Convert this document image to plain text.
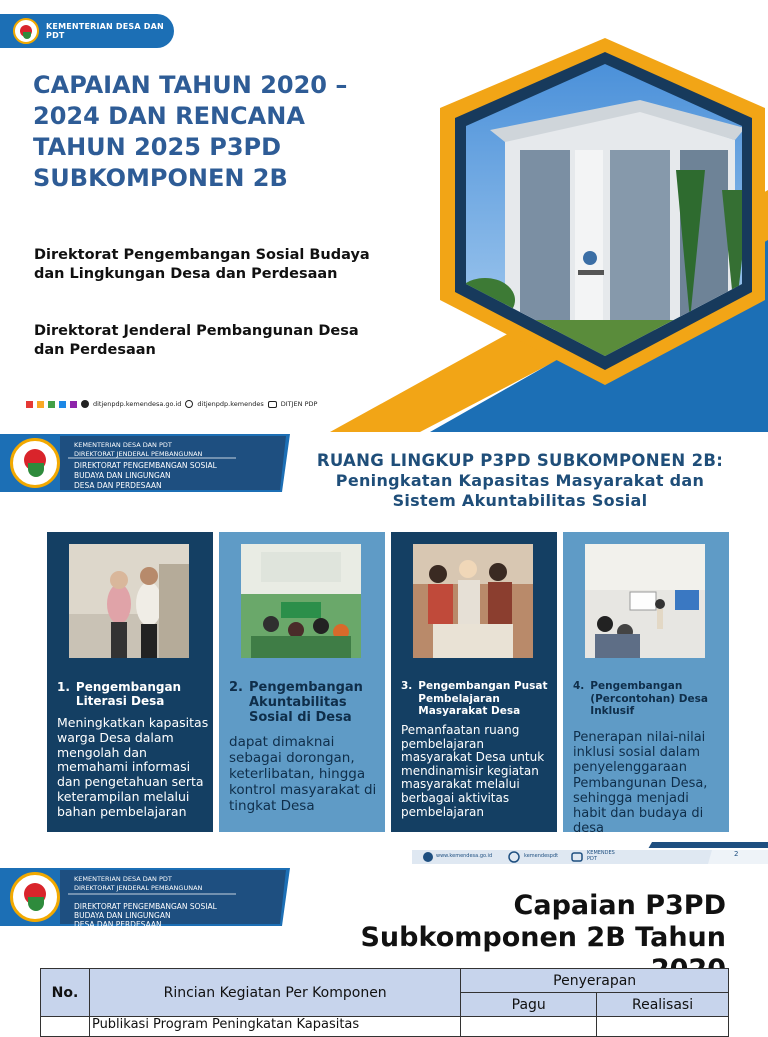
KEMENTERIAN DESA DAN PDT
CAPAIAN TAHUN 2020 – 2024 DAN RENCANA TAHUN 2025 P3PD SUBKOMPONEN 2B

Direktorat Pengembangan Sosial Budaya dan Lingkungan Desa dan Perdesaan

Direktorat Jenderal Pembangunan Desa dan Perdesaan

ditjenpdp.kemendesa.go.id ditjenpdp.kemendes	DITJEN PDP
KEMENTERIAN DESA DAN PDT
DIREKTORAT JENDERAL PEMBANGUNAN
DIREKTORAT PENGEMBANGAN SOSIAL
BUDAYA DAN LINGUNGAN
DESA DAN PERDESAAN
RUANG LINGKUP P3PD SUBKOMPONEN 2B:
Peningkatan Kapasitas Masyarakat dan
Sistem Akuntabilitas Sosial
1. Pengembangan Literasi Desa
Meningkatkan kapasitas warga Desa dalam mengolah dan memahami informasi dan pengetahuan serta keterampilan melalui bahan pembelajaran
2. Pengembangan Akuntabilitas Sosial di Desa
dapat dimaknai sebagai dorongan, keterlibatan, hingga kontrol masyarakat di tingkat Desa
3. Pengembangan Pusat Pembelajaran Masyarakat Desa
Pemanfaatan ruang pembelajaran masyarakat Desa untuk mendinamisir kegiatan masyarakat melalui berbagai aktivitas pembelajaran
4. Pengembangan (Percontohan) Desa Inklusif
Penerapan nilai-nilai inklusi sosial dalam penyelenggaraan Pembangunan Desa, sehingga menjadi habit dan budaya di desa
www.kemendesa.go.id	kemendespdt	KEMENDES PDT
2
KEMENTERIAN DESA DAN PDT
DIREKTORAT JENDERAL PEMBANGUNAN
DIREKTORAT PENGEMBANGAN SOSIAL
BUDAYA DAN LINGUNGAN
DESA DAN PERDESAAN
Capaian P3PD
Subkomponen 2B Tahun
No.	Rincian Kegiatan Per Komponen	Penyerapan	
		Pagu	Realisasi
	Publikasi Program Peningkatan Kapasitas		
